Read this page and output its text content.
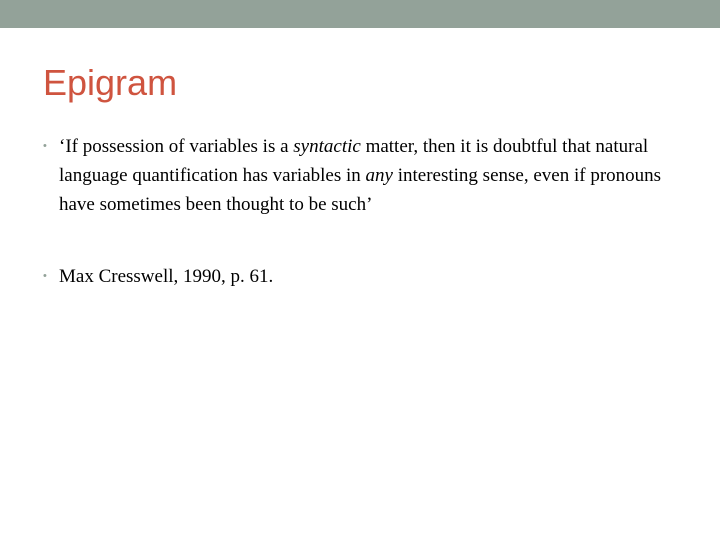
Epigram
• ‘If possession of variables is a syntactic matter, then it is doubtful that natural language quantification has variables in any interesting sense, even if pronouns have sometimes been thought to be such’
• Max Cresswell, 1990, p. 61.
